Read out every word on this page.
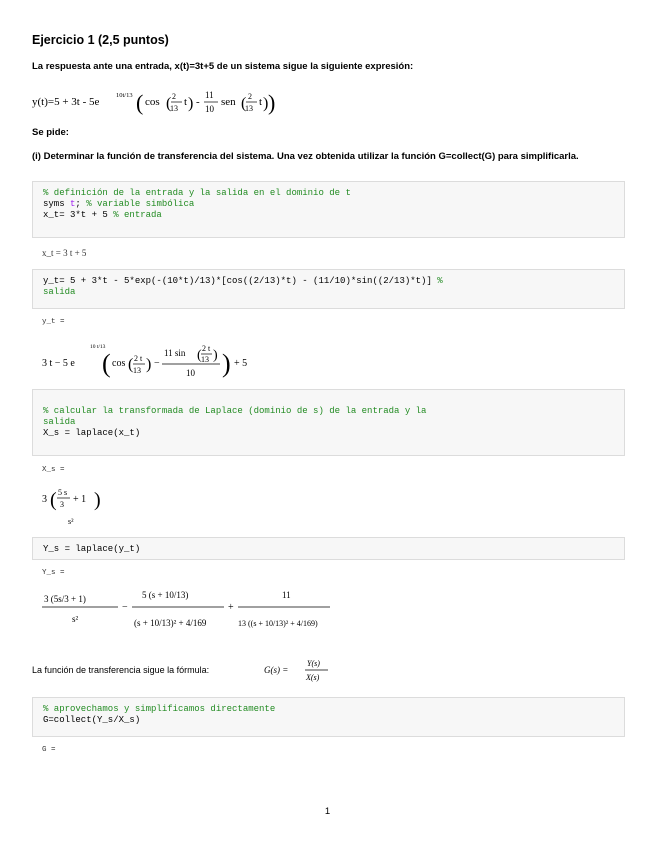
Ejercicio 1 (2,5 puntos)
La respuesta ante una entrada, x(t)=3t+5 de un sistema sigue la siguiente expresión:
y(t)=5 + 3t - 5e
10t/13 ( cos ( 2
13
t ) -
11
10
sen ( 2
13
t ) )
Se pide:
(i) Determinar la función de transferencia del sistema. Una vez obtenida utilizar la función G=collect(G) para simplificarla.
% definición de la entrada y la salida en el dominio de t
syms t; % variable simbólica
x_t= 3*t + 5 % entrada
x_t = 3 t + 5
y_t= 5 + 3*t - 5*exp(-(10*t)/13)*[cos((2/13)*t) - (11/10)*sin((2/13)*t)] %
salida
y_t =
3 t − 5 e
10 t/13
( cos ( 2 t
13 ) −
11 sin ( 2 t
13 )
10 ) + 5
% calcular la transformada de Laplace (dominio de s) de la entrada y la
salida
X_s = laplace(x_t)
X_s =
3 ( 5 s
3 + 1 )
s²
Y_s = laplace(y_t)
Y_s =
3 (5s/3 + 1)
s²
−
5 (s + 10/13)
(s + 10/13)² + 4/169
+
11
13 ((s + 10/13)² + 4/169)
La función de transferencia sigue la fórmula:	G(s) =
Y(s)
X(s)
% aprovechamos y simplificamos directamente
G=collect(Y_s/X_s)
G =
1
